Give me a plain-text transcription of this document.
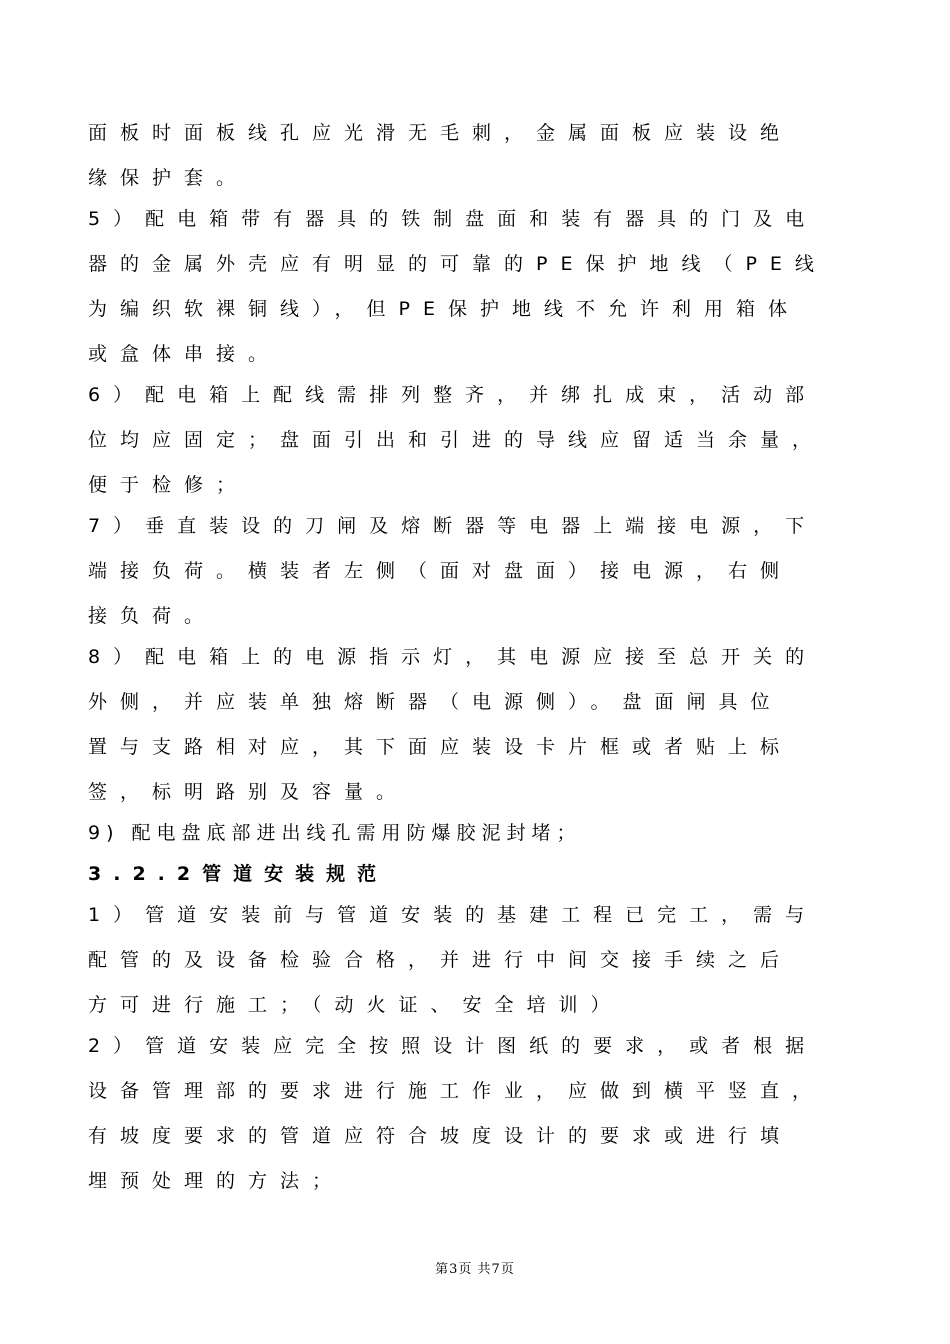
面板时面板线孔应光滑无毛刺，金属面板应装设绝
缘保护套。
5）配电箱带有器具的铁制盘面和装有器具的门及电
器的金属外壳应有明显的可靠的PE保护地线（PE线
为编织软裸铜线），但PE保护地线不允许利用箱体
或盒体串接。
6）配电箱上配线需排列整齐，并绑扎成束，活动部
位均应固定；盘面引出和引进的导线应留适当余量，
便于检修；
7）垂直装设的刀闸及熔断器等电器上端接电源，下
端接负荷。横装者左侧（面对盘面）接电源，右侧
接负荷。
8）配电箱上的电源指示灯，其电源应接至总开关的
外侧，并应装单独熔断器（电源侧）。盘面闸具位
置与支路相对应，其下面应装设卡片框或者贴上标
签，标明路别及容量。
9) 配电盘底部进出线孔需用防爆胶泥封堵；
3.2.2管道安装规范
1）管道安装前与管道安装的基建工程已完工，需与
配管的及设备检验合格，并进行中间交接手续之后
方可进行施工；（动火证、安全培训）
2）管道安装应完全按照设计图纸的要求，或者根据
设备管理部的要求进行施工作业，应做到横平竖直，
有坡度要求的管道应符合坡度设计的要求或进行填
埋预处理的方法；
第3页 共7页
